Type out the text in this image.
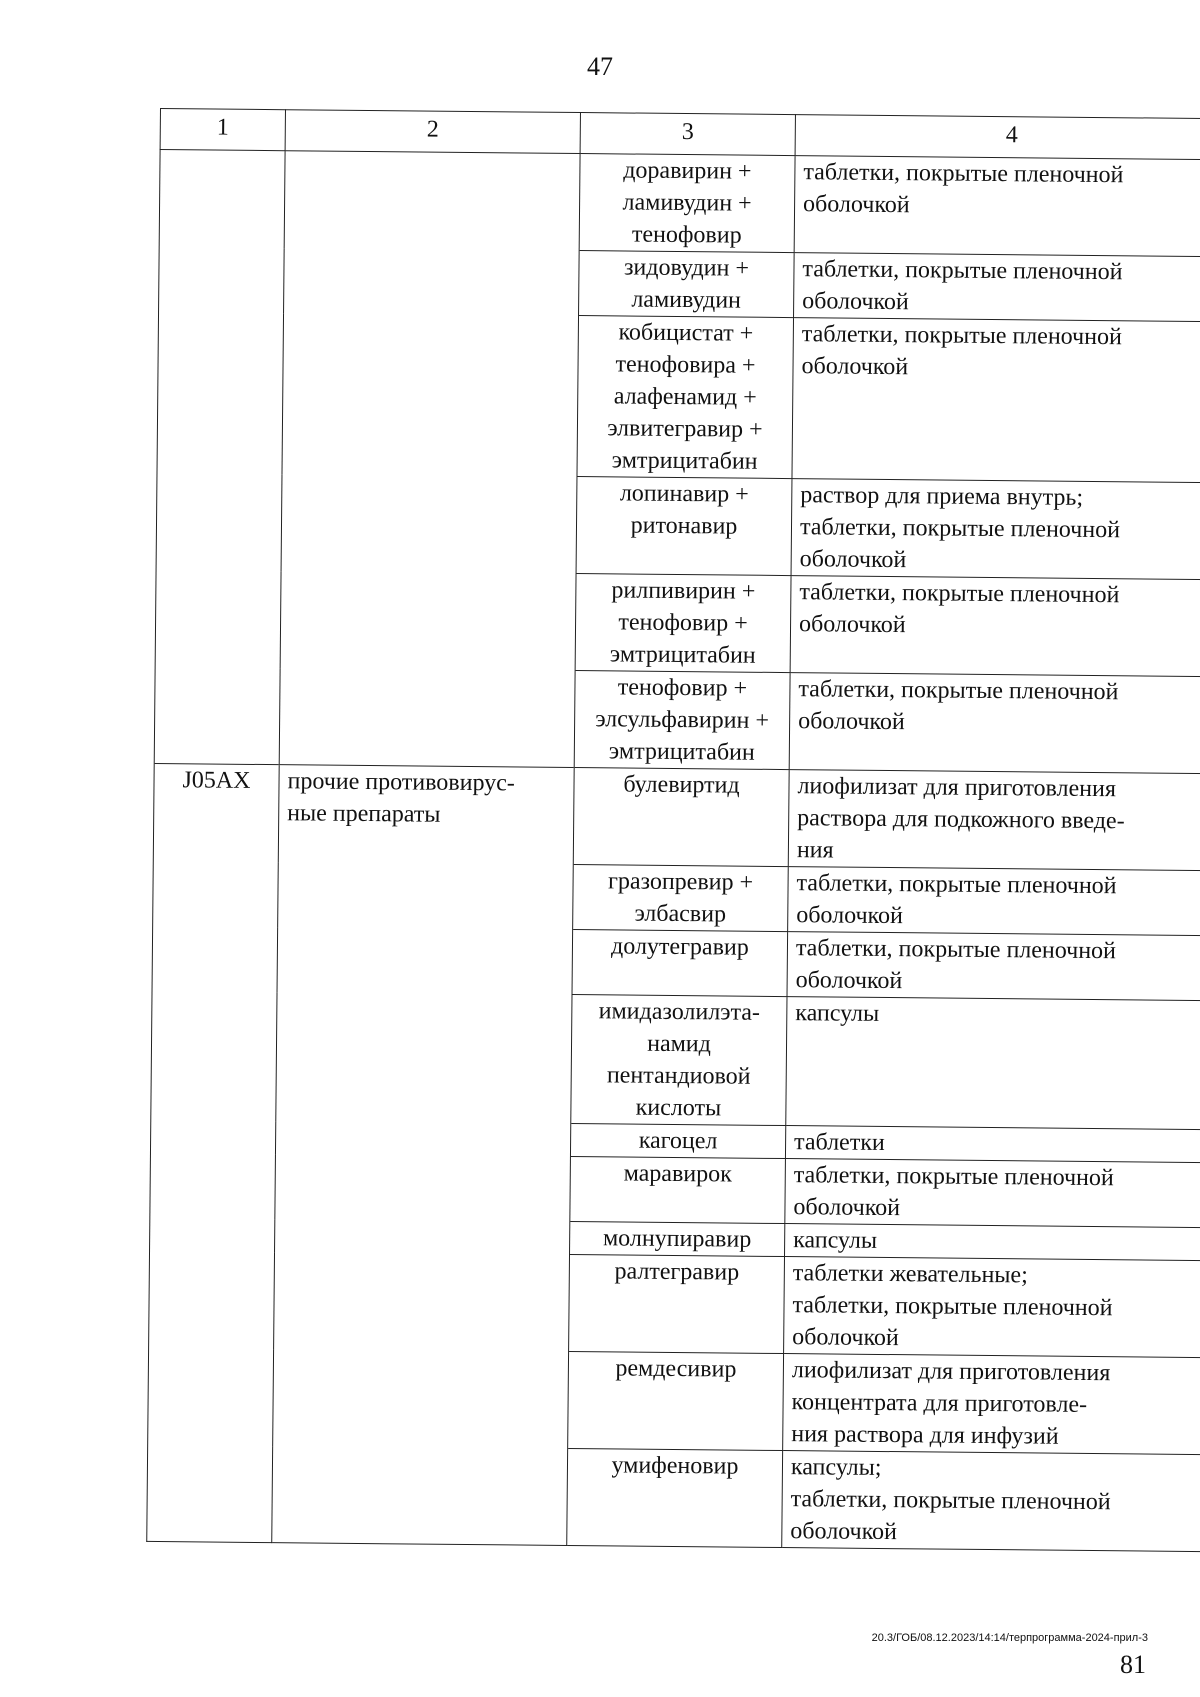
47
1	2	3	4

		доравирин +
ламивудин +
тенофовир	таблетки, покрытые пленочной
оболочкой

		зидовудин +
ламивудин	таблетки, покрытые пленочной
оболочкой

		кобицистат +
тенофовира +
алафенамид +
элвитегравир +
эмтрицитабин	таблетки, покрытые пленочной
оболочкой

		лопинавир +
ритонавир	раствор для приема внутрь;
таблетки, покрытые пленочной
оболочкой

		рилпивирин +
тенофовир +
эмтрицитабин	таблетки, покрытые пленочной
оболочкой

		тенофовир +
элсульфавирин +
эмтрицитабин	таблетки, покрытые пленочной
оболочкой

J05AX	прочие противовирус-
ные препараты	булевиртид	лиофилизат для приготовления
раствора для подкожного введе-
ния

		гразопревир +
элбасвир	таблетки, покрытые пленочной
оболочкой

		долутегравир	таблетки, покрытые пленочной
оболочкой

		имидазолилэта-
намид
пентандиовой
кислоты	капсулы

		кагоцел	таблетки

		маравирок	таблетки, покрытые пленочной
оболочкой

		молнупиравир	капсулы

		ралтегравир	таблетки жевательные;
таблетки, покрытые пленочной
оболочкой

		ремдесивир	лиофилизат для приготовления
концентрата для приготовле-
ния раствора для инфузий

		умифеновир	капсулы;
таблетки, покрытые пленочной
оболочкой
20.3/ГОБ/08.12.2023/14:14/терпрограмма-2024-прил-3
81
